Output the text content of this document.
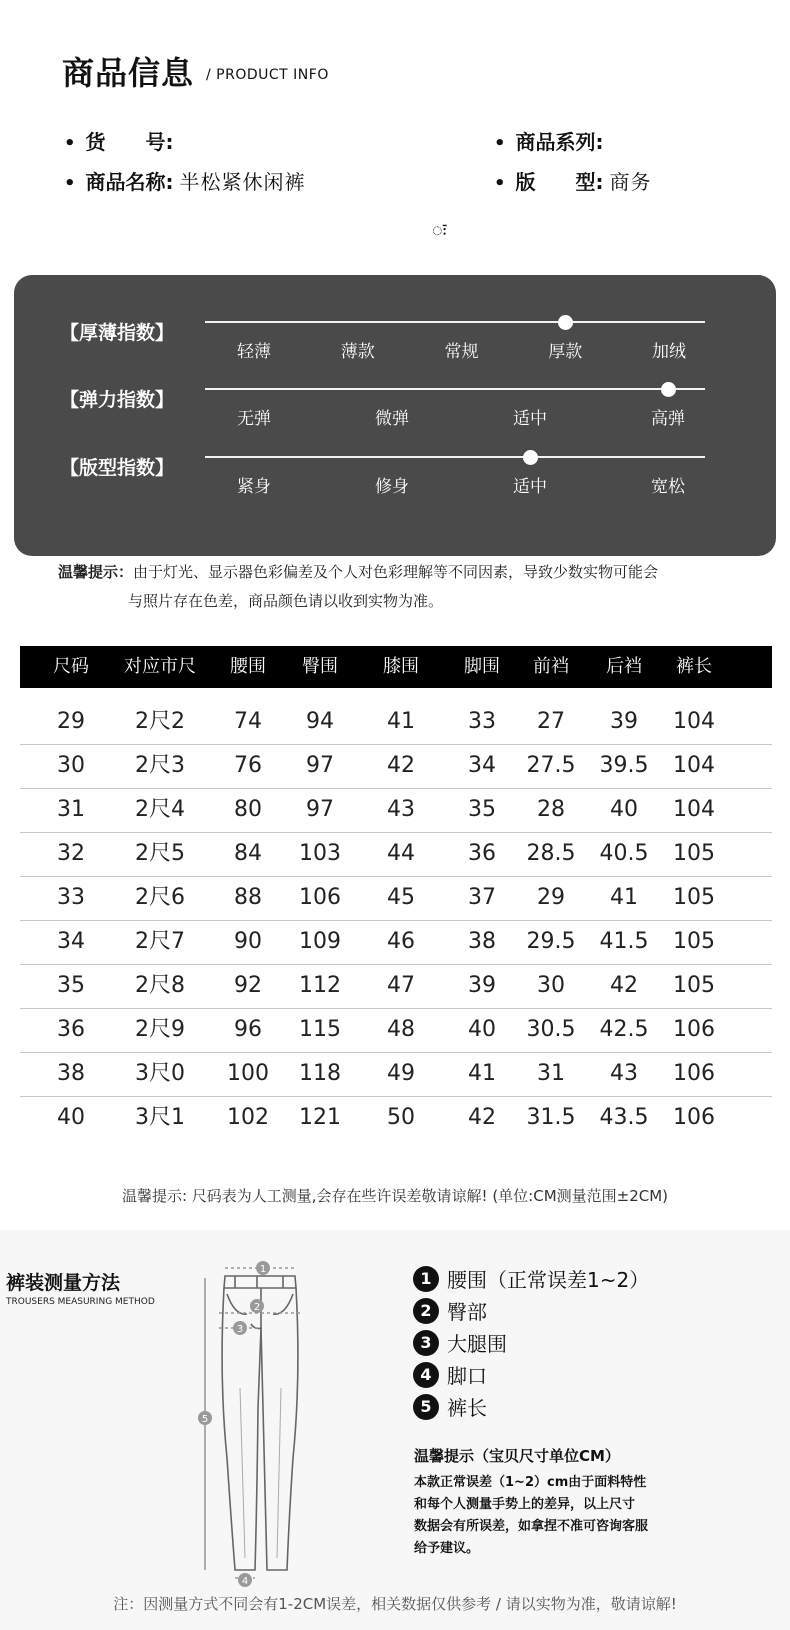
商品信息 / PRODUCT INFO
• 货　　号:	• 商品系列:
• 商品名称: 半松紧休闲裤	• 版　　型: 商务
ः
【厚薄指数】
轻薄	薄款	常规	厚款	加绒
【弹力指数】
无弹	微弹	适中	高弹
【版型指数】
紧身	修身	适中	宽松
温馨提示：由于灯光、显示器色彩偏差及个人对色彩理解等不同因素，导致少数实物可能会
与照片存在色差，商品颜色请以收到实物为准。
尺码 对应市尺 腰围 臀围	膝围	脚围 前裆 后裆 裤长
29 2尺2 74 94 41 33 27 39 104
30 2尺3 76 97 42 34 27.5 39.5 104
31 2尺4 80 97 43 35 28 40 104
32 2尺5 84 103 44 36 28.5 40.5 105
33 2尺6 88 106 45 37 29 41 105
34 2尺7 90 109 46 38 29.5 41.5 105
35 2尺8 92 112 47 39 30 42 105
36 2尺9 96 115 48 40 30.5 42.5 106
38 3尺0 100 118 49 41 31 43 106
40 3尺1 102 121 50 42 31.5 43.5 106
温馨提示: 尺码表为人工测量,会存在些许误差敬请谅解! (单位:CM测量范围±2CM)
裤装测量方法
TROUSERS MEASURING METHOD
1
2
3
4
5
1 腰围（正常误差1~2）
2 臀部
3 大腿围
4 脚口
5 裤长
温馨提示（宝贝尺寸单位CM）
本款正常误差（1~2）cm由于面料特性
和每个人测量手势上的差异，以上尺寸
数据会有所误差，如拿捏不准可咨询客服
给予建议。
注：因测量方式不同会有1-2CM误差，相关数据仅供参考 / 请以实物为准，敬请谅解!
